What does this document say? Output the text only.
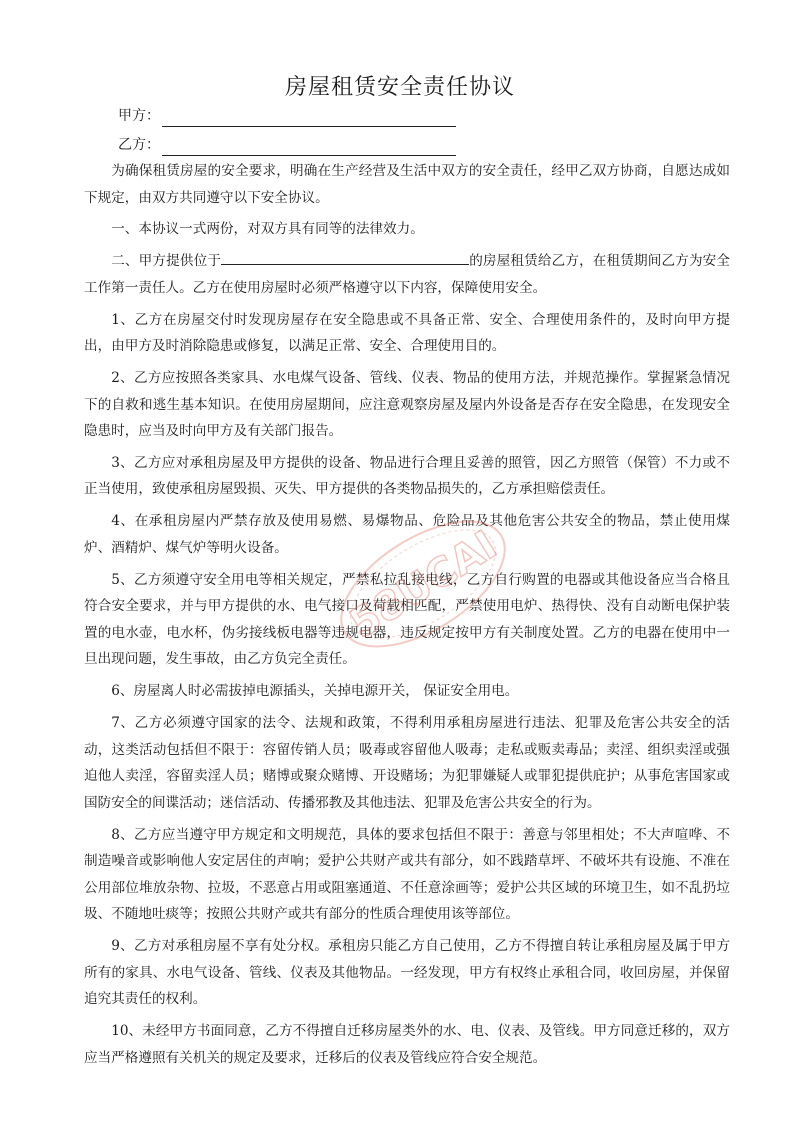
房屋租赁安全责任协议
甲方：
乙方：

为确保租赁房屋的安全要求，明确在生产经营及生活中双方的安全责任，经甲乙双方协商，自愿达成如下规定，由双方共同遵守以下安全协议。

一、本协议一式两份，对双方具有同等的法律效力。

二、甲方提供位于	的房屋租赁给乙方，在租赁期间乙方为安全工作第一责任人。乙方在使用房屋时必须严格遵守以下内容，保障使用安全。

1、乙方在房屋交付时发现房屋存在安全隐患或不具备正常、安全、合理使用条件的，及时向甲方提出，由甲方及时消除隐患或修复，以满足正常、安全、合理使用目的。

2、乙方应按照各类家具、水电煤气设备、管线、仪表、物品的使用方法，并规范操作。掌握紧急情况下的自救和逃生基本知识。在使用房屋期间，应注意观察房屋及屋内外设备是否存在安全隐患，在发现安全隐患时，应当及时向甲方及有关部门报告。

3、乙方应对承租房屋及甲方提供的设备、物品进行合理且妥善的照管，因乙方照管（保管）不力或不正当使用，致使承租房屋毁损、灭失、甲方提供的各类物品损失的，乙方承担赔偿责任。

4、在承租房屋内严禁存放及使用易燃、易爆物品、危险品及其他危害公共安全的物品，禁止使用煤炉、酒精炉、煤气炉等明火设备。

5、乙方须遵守安全用电等相关规定，严禁私拉乱接电线，乙方自行购置的电器或其他设备应当合格且符合安全要求，并与甲方提供的水、电气接口及荷载相匹配，严禁使用电炉、热得快、没有自动断电保护装置的电水壶，电水杯，伪劣接线板电器等违规电器，违反规定按甲方有关制度处置。乙方的电器在使用中一旦出现问题，发生事故，由乙方负完全责任。

6、房屋离人时必需拔掉电源插头，关掉电源开关， 保证安全用电。

7、乙方必须遵守国家的法令、法规和政策，不得利用承租房屋进行违法、犯罪及危害公共安全的活动，这类活动包括但不限于：容留传销人员；吸毒或容留他人吸毒；走私或贩卖毒品；卖淫、组织卖淫或强迫他人卖淫，容留卖淫人员；赌博或聚众赌博、开设赌场；为犯罪嫌疑人或罪犯提供庇护；从事危害国家或国防安全的间谍活动；迷信活动、传播邪教及其他违法、犯罪及危害公共安全的行为。

8、乙方应当遵守甲方规定和文明规范，具体的要求包括但不限于：善意与邻里相处；不大声喧哗、不制造噪音或影响他人安定居住的声响；爱护公共财产或共有部分，如不践踏草坪、不破坏共有设施、不准在公用部位堆放杂物、拉圾，不恶意占用或阻塞通道、不任意涂画等；爱护公共区域的环境卫生，如不乱扔垃圾、不随地吐痰等；按照公共财产或共有部分的性质合理使用该等部位。

9、乙方对承租房屋不享有处分权。承租房只能乙方自己使用，乙方不得擅自转让承租房屋及属于甲方所有的家具、水电气设备、管线、仪表及其他物品。一经发现，甲方有权终止承租合同，收回房屋，并保留追究其责任的权利。

10、未经甲方书面同意，乙方不得擅自迁移房屋类外的水、电、仪表、及管线。甲方同意迁移的，双方应当严格遵照有关机关的规定及要求，迁移后的仪表及管线应符合安全规范。

58UCAI
